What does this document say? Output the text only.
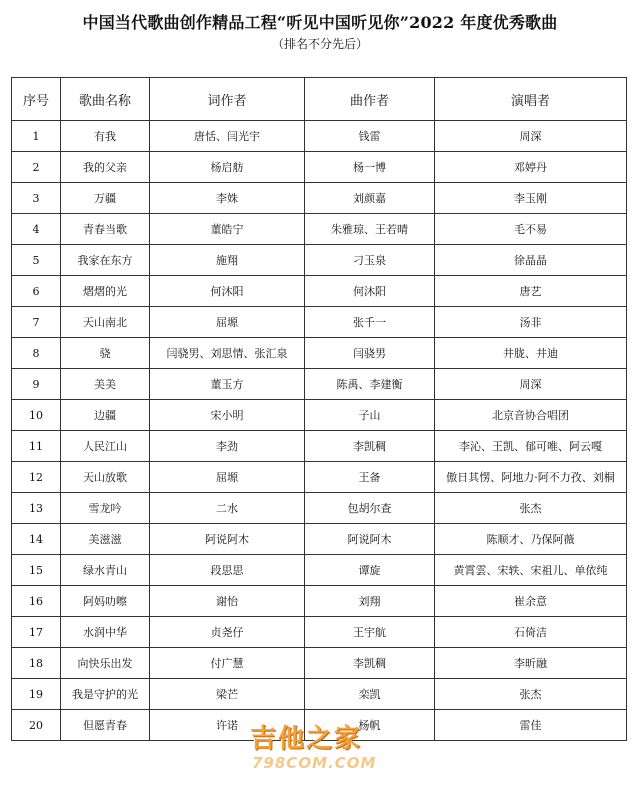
中国当代歌曲创作精品工程“听见中国听见你”2022 年度优秀歌曲
（排名不分先后）
序号	歌曲名称	词作者	曲作者	演唱者
1	有我	唐恬、闫光宇	钱雷	周深
2	我的父亲	杨启舫	杨一博	邓婷丹
3	万疆	李姝	刘颜嘉	李玉刚
4	青春当歌	董皓宁	朱雅琼、王若晴	毛不易
5	我家在东方	施翔	刁玉泉	徐晶晶
6	熠熠的光	何沐阳	何沐阳	唐艺
7	天山南北	屈塬	张千一	汤非
8	骁	闫骁男、刘思情、张汇泉	闫骁男	井胧、井迪
9	美美	董玉方	陈禹、李建衡	周深
10	边疆	宋小明	子山	北京音协合唱团
11	人民江山	李劲	李凯稠	李沁、王凯、郁可唯、阿云嘎
12	天山放歌	屈塬	王备	傲日其愣、阿地力·阿不力孜、刘桐
13	雪龙吟	二水	包胡尔查	张杰
14	美滋滋	阿说阿木	阿说阿木	陈顺才、乃保阿薇
15	绿水青山	段思思	谭旋	黄霄雲、宋轶、宋祖儿、单依纯
16	阿妈叻嚓	谢怡	刘翔	崔余意
17	水润中华	贞尧仔	王宇航	石倚洁
18	向快乐出发	付广慧	李凯稠	李昕融
19	我是守护的光	梁芒	栾凯	张杰
20	但愿青春	许诺	杨帆	雷佳
吉他之家
798COM.COM
